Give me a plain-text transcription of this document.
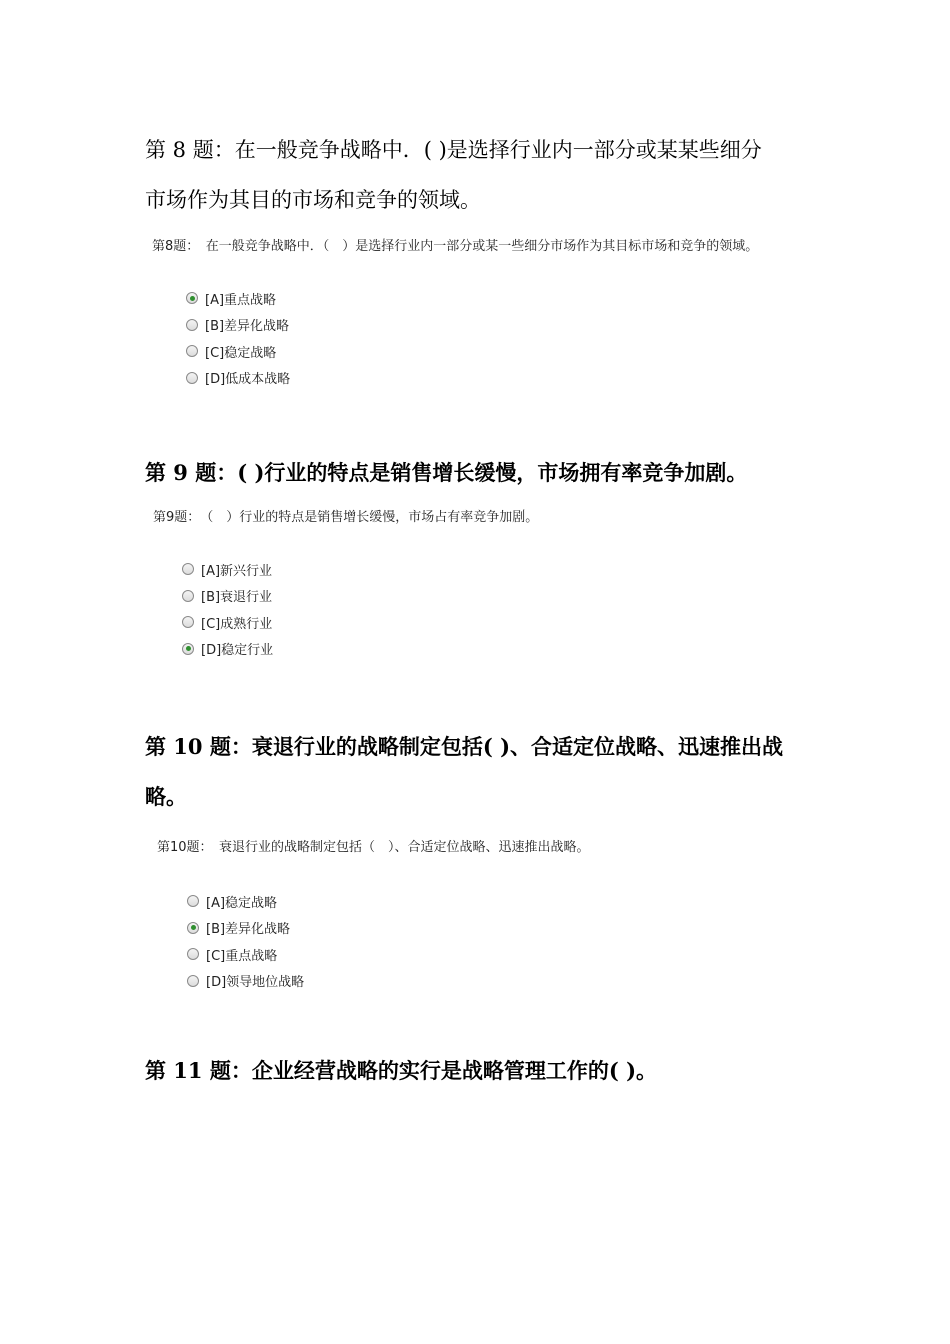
第 8 题：在一般竞争战略中．( )是选择行业内一部分或某某些细分
市场作为其目的市场和竞争的领域。

第8题：　在一般竞争战略中．（　）是选择行业内一部分或某一些细分市场作为其目标市场和竞争的领域。
[A]重点战略
[B]差异化战略
[C]稳定战略
[D]低成本战略

第 9 题：( )行业的特点是销售增长缓慢，市场拥有率竞争加剧。

第9题：　（　）行业的特点是销售增长缓慢，市场占有率竞争加剧。
[A]新兴行业
[B]衰退行业
[C]成熟行业
[D]稳定行业

第 10 题：衰退行业的战略制定包括( )、合适定位战略、迅速推出战
略。

第10题：　衰退行业的战略制定包括（　）、合适定位战略、迅速推出战略。
[A]稳定战略
[B]差异化战略
[C]重点战略
[D]领导地位战略

第 11 题：企业经营战略的实行是战略管理工作的( )。
